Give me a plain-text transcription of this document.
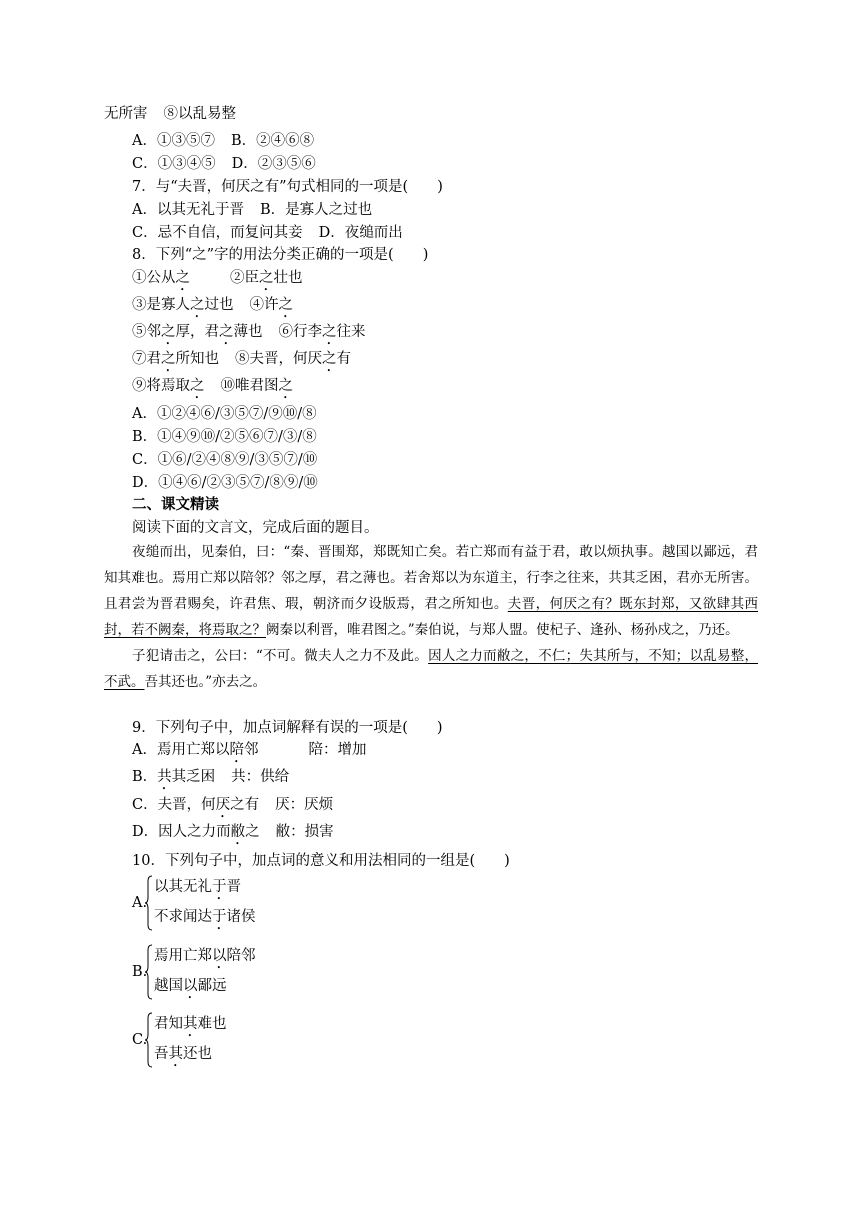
无所害 ⑧以乱易整
A．①③⑤⑦ B．②④⑥⑧
C．①③④⑤ D．②③⑤⑥
7．与“夫晋，何厌之有”句式相同的一项是(　　)
A．以其无礼于晋 B．是寡人之过也
C．忌不自信，而复问其妾 D．夜缒而出
8．下列“之”字的用法分类正确的一项是(　　)
①公从之	②臣之壮也
③是寡人之过也 ④许之
⑤邻之厚，君之薄也 ⑥行李之往来
⑦君之所知也 ⑧夫晋，何厌之有
⑨将焉取之 ⑩唯君图之
A．①②④⑥/③⑤⑦/⑨⑩/⑧
B．①④⑨⑩/②⑤⑥⑦/③/⑧
C．①⑥/②④⑧⑨/③⑤⑦/⑩
D．①④⑥/②③⑤⑦/⑧⑨/⑩
二、课文精读
阅读下面的文言文，完成后面的题目。

夜缒而出，见秦伯，曰：“秦、晋围郑，郑既知亡矣。若亡郑而有益于君，敢以烦执事。越国以鄙远，君知其难也。焉用亡郑以陪邻？邻之厚，君之薄也。若舍郑以为东道主，行李之往来，共其乏困，君亦无所害。且君尝为晋君赐矣，许君焦、瑕，朝济而夕设版焉，君之所知也。夫晋，何厌之有？既东封郑，又欲肆其西封，若不阙秦，将焉取之？阙秦以利晋，唯君图之。”秦伯说，与郑人盟。使杞子、逢孙、杨孙戍之，乃还。

子犯请击之，公曰：“不可。微夫人之力不及此。因人之力而敝之，不仁；失其所与，不知；以乱易整，不武。吾其还也。”亦去之。

9．下列句子中，加点词解释有误的一项是(　　)
A．焉用亡郑以陪邻	陪：增加
B．共其乏困 共：供给
C．夫晋，何厌之有 厌：厌烦
D．因人之力而敝之 敝：损害
10．下列句子中，加点词的意义和用法相同的一组是(　　)
A.
以其无礼于晋
不求闻达于诸侯
B.
焉用亡郑以陪邻
越国以鄙远
C.
君知其难也
吾其还也
